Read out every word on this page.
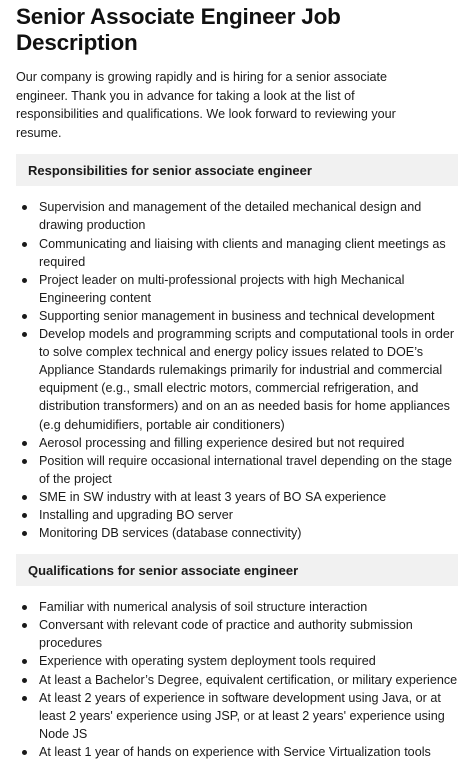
Senior Associate Engineer Job Description

Our company is growing rapidly and is hiring for a senior associate engineer. Thank you in advance for taking a look at the list of responsibilities and qualifications. We look forward to reviewing your resume.

Responsibilities for senior associate engineer
Supervision and management of the detailed mechanical design and drawing production
Communicating and liaising with clients and managing client meetings as required
Project leader on multi-professional projects with high Mechanical Engineering content
Supporting senior management in business and technical development
Develop models and programming scripts and computational tools in order to solve complex technical and energy policy issues related to DOE’s Appliance Standards rulemakings primarily for industrial and commercial equipment (e.g., small electric motors, commercial refrigeration, and distribution transformers) and on an as needed basis for home appliances (e.g dehumidifiers, portable air conditioners)
Aerosol processing and filling experience desired but not required
Position will require occasional international travel depending on the stage of the project
SME in SW industry with at least 3 years of BO SA experience
Installing and upgrading BO server
Monitoring DB services (database connectivity)
Qualifications for senior associate engineer
Familiar with numerical analysis of soil structure interaction
Conversant with relevant code of practice and authority submission procedures
Experience with operating system deployment tools required
At least a Bachelor’s Degree, equivalent certification, or military experience
At least 2 years of experience in software development using Java, or at least 2 years' experience using JSP, or at least 2 years' experience using Node JS
At least 1 year of hands on experience with Service Virtualization tools
